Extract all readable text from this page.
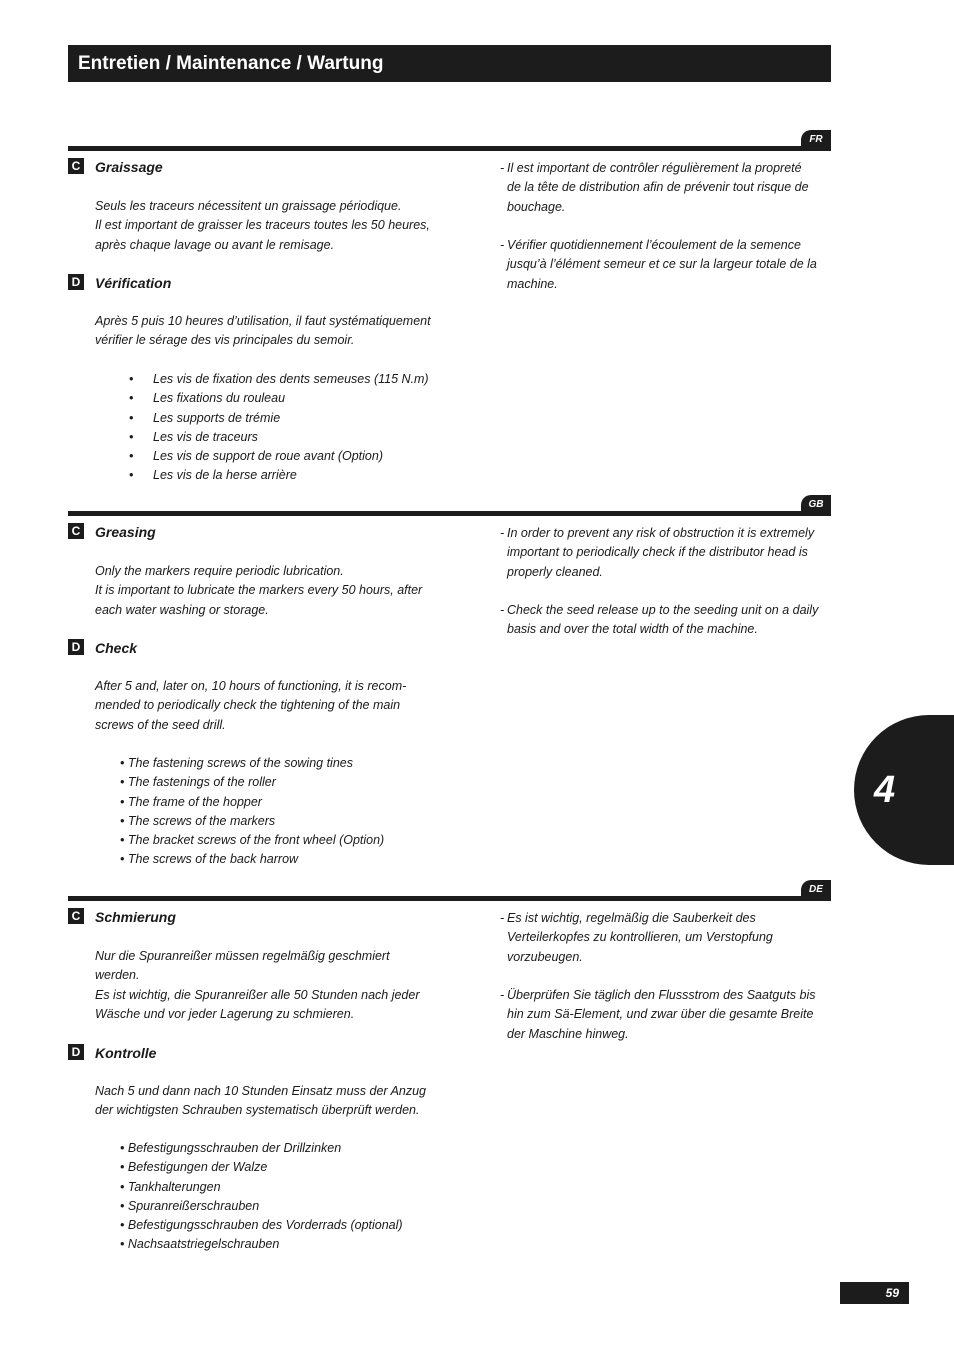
Entretien / Maintenance / Wartung
FR
C Graissage
Seuls les traceurs nécessitent un graissage périodique.
Il est important de graisser les traceurs toutes les 50 heures,
après chaque lavage ou avant le remisage.
D Vérification
Après 5 puis 10 heures d’utilisation, il faut systématiquement
vérifier le sérage des vis principales du semoir.
• Les vis de fixation des dents semeuses (115 N.m)
• Les fixations du rouleau
• Les supports de trémie
• Les vis de traceurs
• Les vis de support de roue avant (Option)
• Les vis de la herse arrière
- Il est important de contrôler régulièrement la propreté
de la tête de distribution afin de prévenir tout risque de
bouchage.
- Vérifier quotidiennement l’écoulement de la semence
jusqu’à l’élément semeur et ce sur la largeur totale de la
machine.
GB
C Greasing
Only the markers require periodic lubrication.
It is important to lubricate the markers every 50 hours, after
each water washing or storage.
D Check
After 5 and, later on, 10 hours of functioning, it is recom-
mended to periodically check the tightening of the main
screws of the seed drill.
• The fastening screws of the sowing tines
• The fastenings of the roller
• The frame of the hopper
• The screws of the markers
• The bracket screws of the front wheel (Option)
• The screws of the back harrow
- In order to prevent any risk of obstruction it is extremely
important to periodically check if the distributor head is
properly cleaned.
- Check the seed release up to the seeding unit on a daily
basis and over the total width of the machine.
DE
C Schmierung
Nur die Spuranreißer müssen regelmäßig geschmiert
werden.
Es ist wichtig, die Spuranreißer alle 50 Stunden nach jeder
Wäsche und vor jeder Lagerung zu schmieren.
D Kontrolle
Nach 5 und dann nach 10 Stunden Einsatz muss der Anzug
der wichtigsten Schrauben systematisch überprüft werden.
• Befestigungsschrauben der Drillzinken
• Befestigungen der Walze
• Tankhalterungen
• Spuranreißerschrauben
• Befestigungsschrauben des Vorderrads (optional)
• Nachsaatstriegelschrauben
- Es ist wichtig, regelmäßig die Sauberkeit des
Verteilerkopfes zu kontrollieren, um Verstopfung
vorzubeugen.
- Überprüfen Sie täglich den Flussstrom des Saatguts bis
hin zum Sä-Element, und zwar über die gesamte Breite
der Maschine hinweg.
4
59
